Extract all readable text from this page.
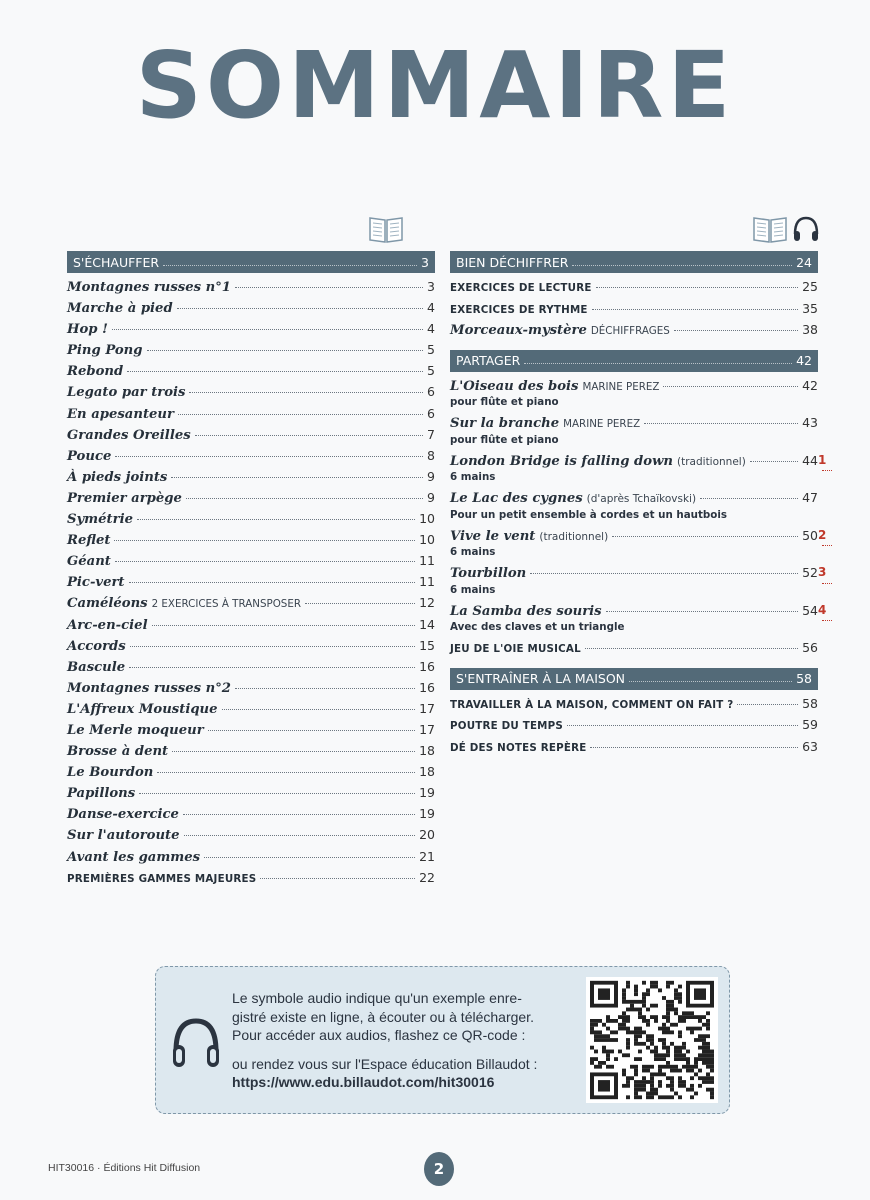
SOMMAIRE
S'ÉCHAUFFER	3
Montagnes russes n°1	3
Marche à pied	4
Hop !	4
Ping Pong	5
Rebond	5
Legato par trois	6
En apesanteur	6
Grandes Oreilles	7
Pouce	8
À pieds joints	9
Premier arpège	9
Symétrie	10
Reflet	10
Géant	11
Pic-vert	11
Caméléons 2 EXERCICES À TRANSPOSER	12
Arc-en-ciel	14
Accords	15
Bascule	16
Montagnes russes n°2	16
L'Affreux Moustique	17
Le Merle moqueur	17
Brosse à dent	18
Le Bourdon	18
Papillons	19
Danse-exercice	19
Sur l'autoroute	20
Avant les gammes	21
PREMIÈRES GAMMES MAJEURES	22
BIEN DÉCHIFFRER	24
EXERCICES DE LECTURE	25
EXERCICES DE RYTHME	35
Morceaux-mystère DÉCHIFFRAGES	38
PARTAGER	42
L'Oiseau des bois MARINE PEREZ	42
pour flûte et piano
Sur la branche MARINE PEREZ	43
pour flûte et piano
London Bridge is falling down (traditionnel)	44 1
6 mains
Le Lac des cygnes (d'après Tchaïkovski)	47
Pour un petit ensemble à cordes et un hautbois
Vive le vent (traditionnel)	50 2
6 mains
Tourbillon	52 3
6 mains
La Samba des souris	54 4
Avec des claves et un triangle
JEU DE L'OIE MUSICAL	56
S'ENTRAÎNER À LA MAISON	58
TRAVAILLER À LA MAISON, COMMENT ON FAIT ?	58
POUTRE DU TEMPS	59
DÉ DES NOTES REPÈRE	63

Le symbole audio indique qu'un exemple enre-

gistré existe en ligne, à écouter ou à télécharger.

Pour accéder aux audios, flashez ce QR-code :

ou rendez vous sur l'Espace éducation Billaudot :

https://www.edu.billaudot.com/hit30016

HIT30016 · Éditions Hit Diffusion	2
